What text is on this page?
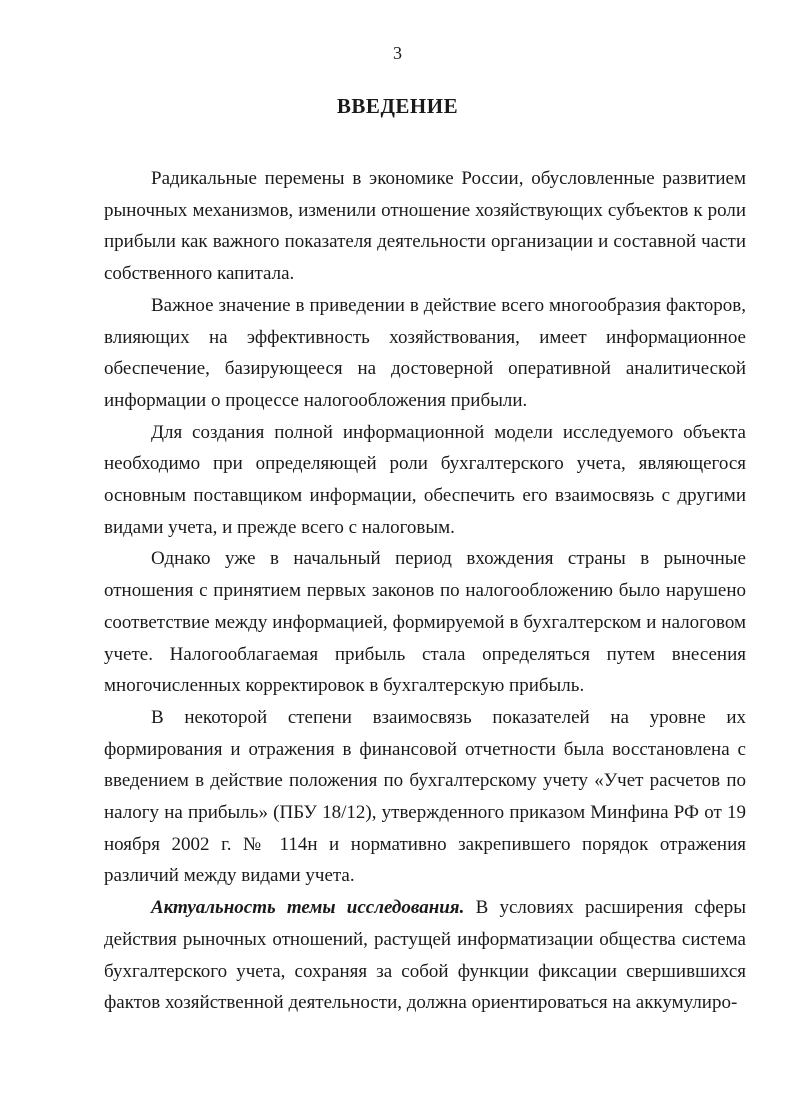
3
ВВЕДЕНИЕ

Радикальные перемены в экономике России, обусловленные развитием рыночных механизмов, изменили отношение хозяйствующих субъектов к роли прибыли как важного показателя деятельности организации и составной части собственного капитала.

Важное значение в приведении в действие всего многообразия факторов, влияющих на эффективность хозяйствования, имеет информационное обеспечение, базирующееся на достоверной оперативной аналитической информации о процессе налогообложения прибыли.

Для создания полной информационной модели исследуемого объекта необходимо при определяющей роли бухгалтерского учета, являющегося основным поставщиком информации, обеспечить его взаимосвязь с другими видами учета, и прежде всего с налоговым.

Однако уже в начальный период вхождения страны в рыночные отношения с принятием первых законов по налогообложению было нарушено соответствие между информацией, формируемой в бухгалтерском и налоговом учете. Налогооблагаемая прибыль стала определяться путем внесения многочисленных корректировок в бухгалтерскую прибыль.

В некоторой степени взаимосвязь показателей на уровне их формирования и отражения в финансовой отчетности была восстановлена с введением в действие положения по бухгалтерскому учету «Учет расчетов по налогу на прибыль» (ПБУ 18/12), утвержденного приказом Минфина РФ от 19 ноября 2002 г. № 114н и нормативно закрепившего порядок отражения различий между видами учета.

Актуальность темы исследования. В условиях расширения сферы действия рыночных отношений, растущей информатизации общества система бухгалтерского учета, сохраняя за собой функции фиксации свершившихся фактов хозяйственной деятельности, должна ориентироваться на аккумулиро-
